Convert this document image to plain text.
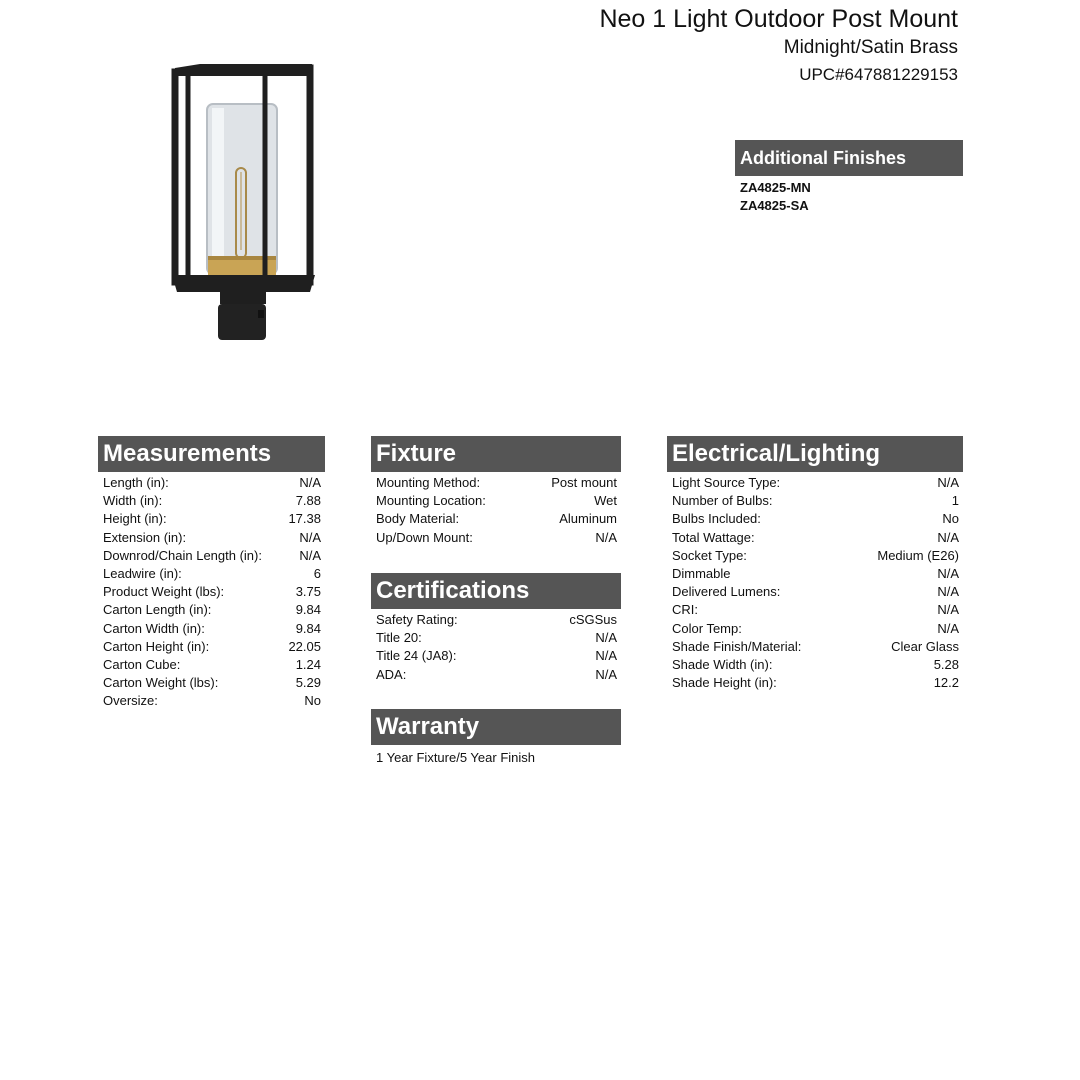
Neo 1 Light Outdoor Post Mount
Midnight/Satin Brass
UPC#647881229153
Additional Finishes
ZA4825-MN
ZA4825-SA
Measurements
Length (in):	N/A
Width (in):	7.88
Height (in):	17.38
Extension (in):	N/A
Downrod/Chain Length (in):	N/A
Leadwire (in):	6
Product Weight (lbs):	3.75
Carton Length (in):	9.84
Carton Width (in):	9.84
Carton Height (in):	22.05
Carton Cube:	1.24
Carton Weight (lbs):	5.29
Oversize:	No
Fixture
Mounting Method:	Post mount
Mounting Location:	Wet
Body Material:	Aluminum
Up/Down Mount:	N/A
Certifications
Safety Rating:	cSGSus
Title 20:	N/A
Title 24 (JA8):	N/A
ADA:	N/A
Warranty
1 Year Fixture/5 Year Finish
Electrical/Lighting
Light Source Type:	N/A
Number of Bulbs:	1
Bulbs Included:	No
Total Wattage:	N/A
Socket Type:	Medium (E26)
Dimmable	N/A
Delivered Lumens:	N/A
CRI:	N/A
Color Temp:	N/A
Shade Finish/Material:	Clear Glass
Shade Width (in):	5.28
Shade Height (in):	12.2
